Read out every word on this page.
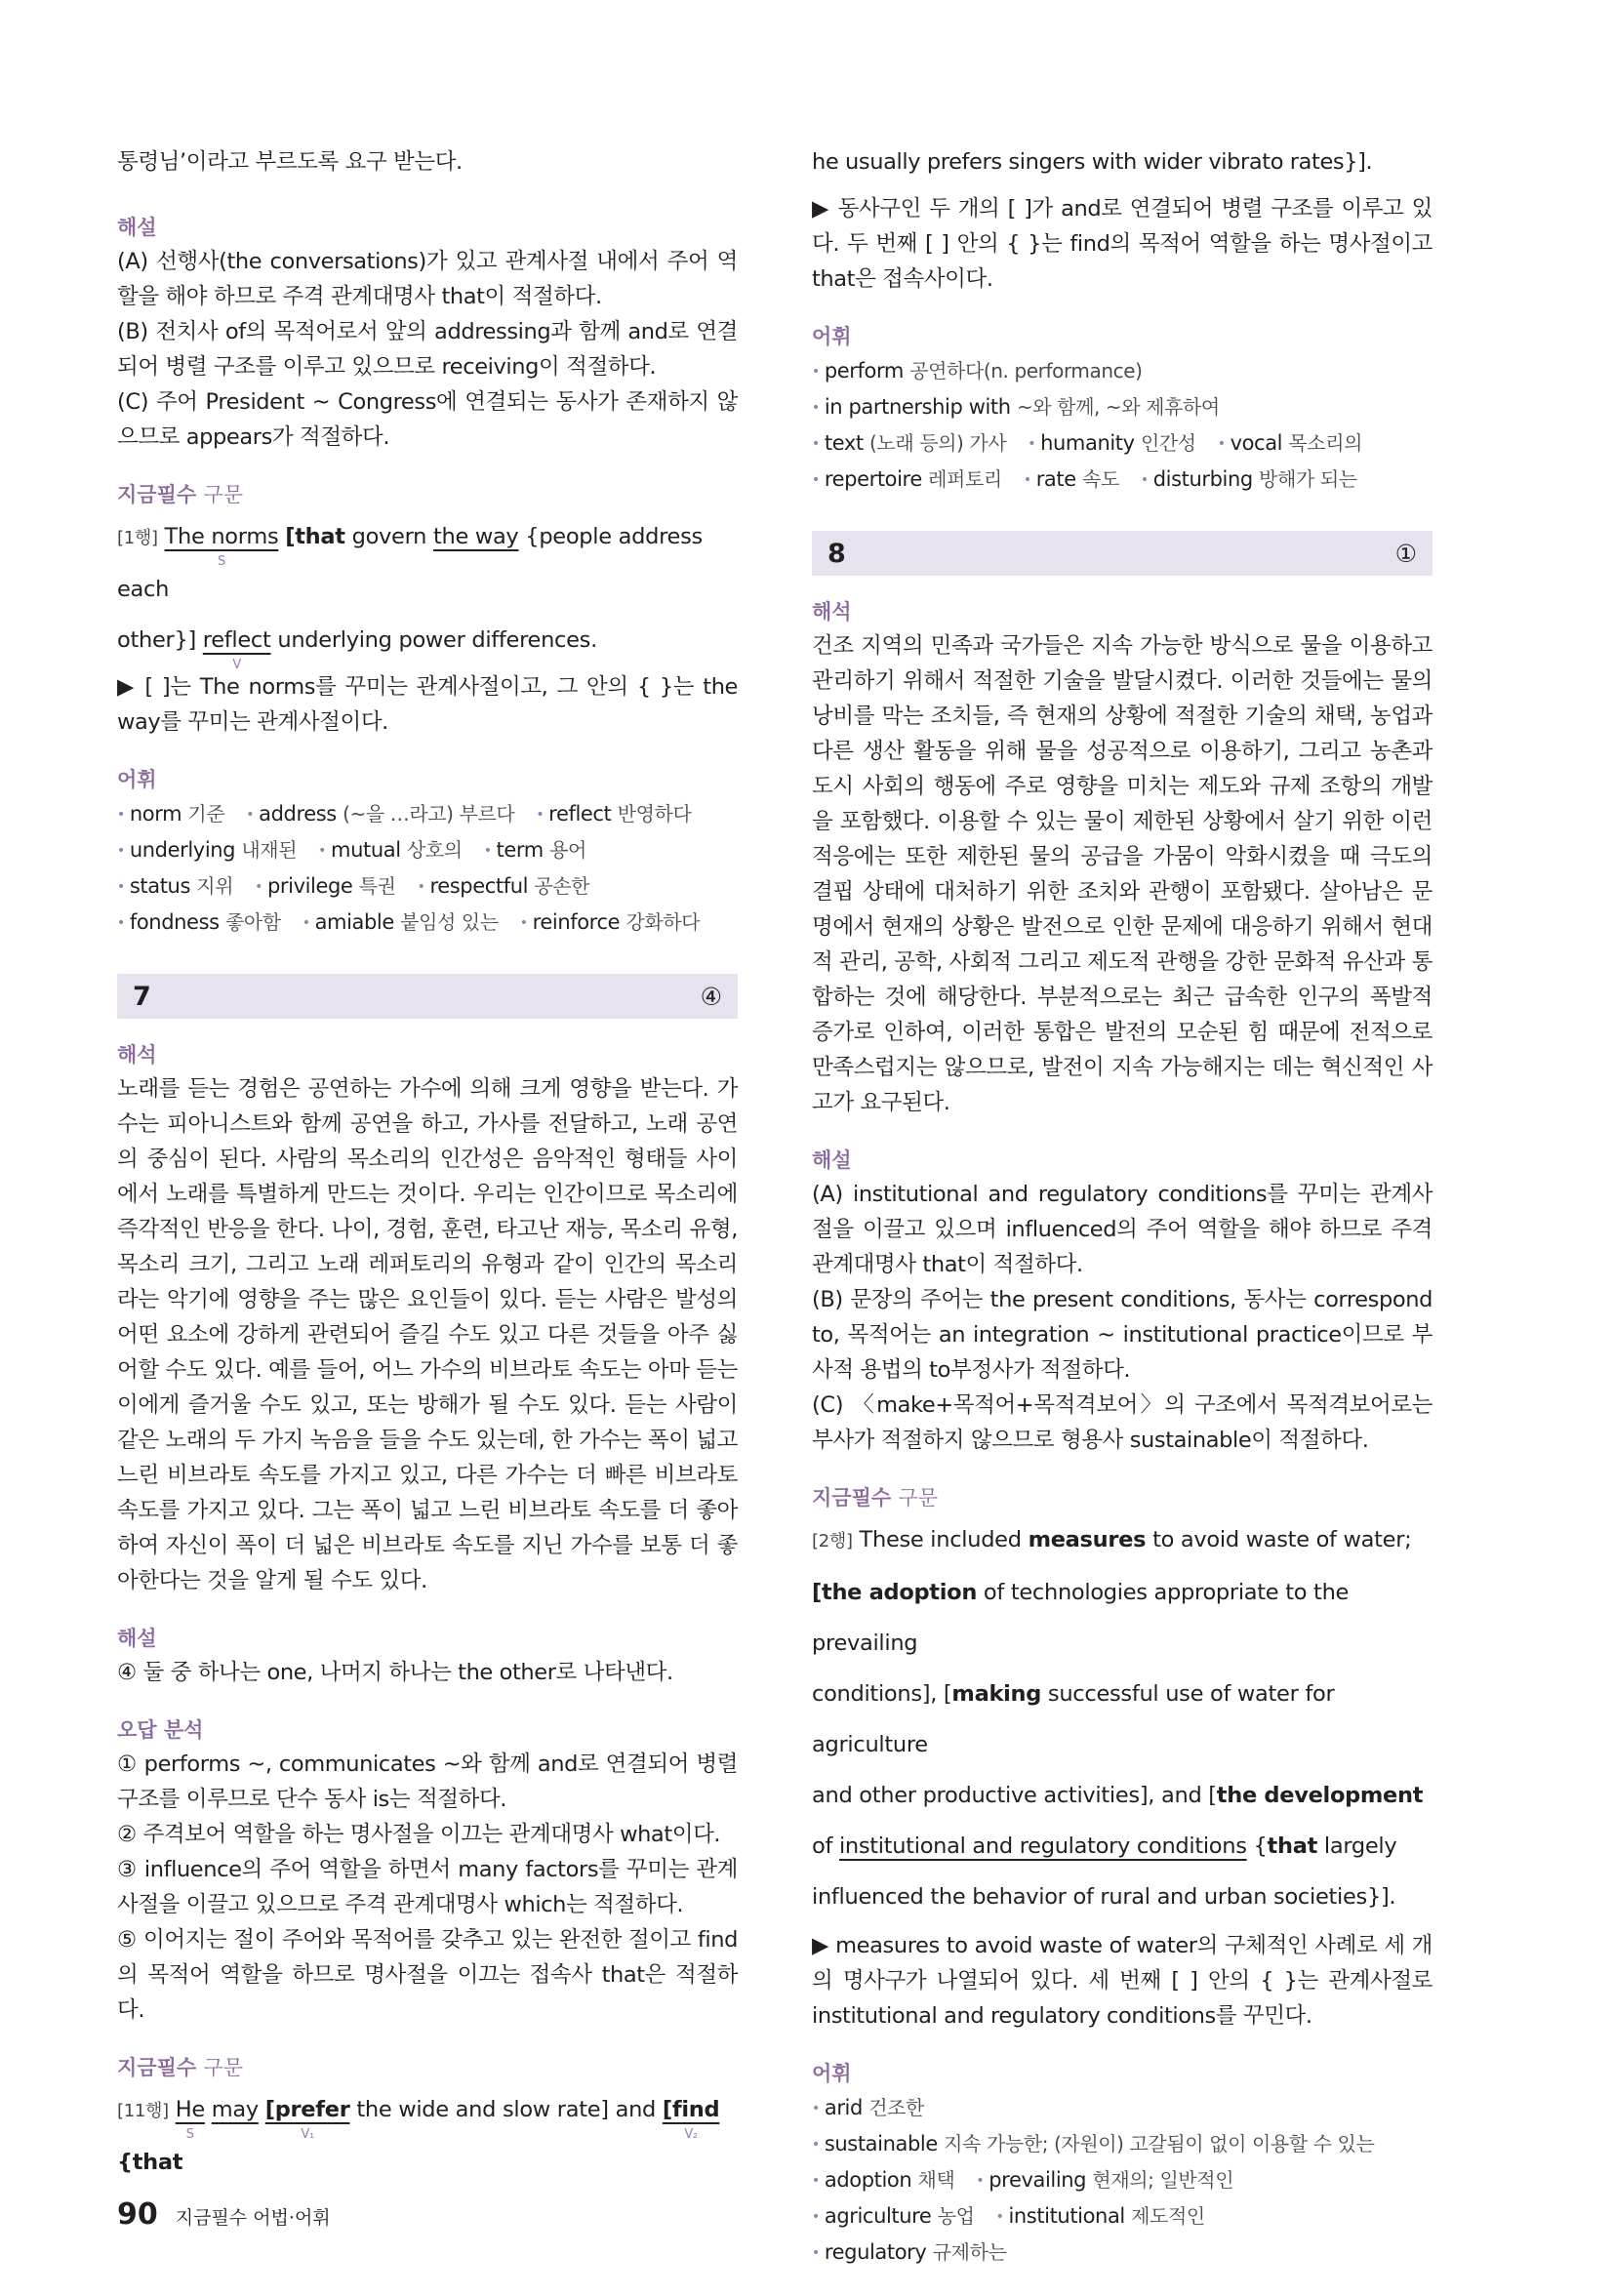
통령님’이라고 부르도록 요구 받는다.

해설

(A) 선행사(the conversations)가 있고 관계사절 내에서 주어 역할을 해야 하므로 주격 관계대명사 that이 적절하다.

(B) 전치사 of의 목적어로서 앞의 addressing과 함께 and로 연결되어 병렬 구조를 이루고 있으므로 receiving이 적절하다.

(C) 주어 President ~ Congress에 연결되는 동사가 존재하지 않으므로 appears가 적절하다.

지금필수 구문

[1행] The norms
S
[that govern the way {people address each

other}] reflect
V
underlying power differences.

▶ [ ]는 The norms를 꾸미는 관계사절이고, 그 안의 { }는 the way를 꾸미는 관계사절이다.

어휘
• norm 기준 • address (~을 …라고) 부르다 • reflect 반영하다
• underlying 내재된 • mutual 상호의 • term 용어
• status 지위 • privilege 특권 • respectful 공손한
• fondness 좋아함 • amiable 붙임성 있는 • reinforce 강화하다
7	④
해석

노래를 듣는 경험은 공연하는 가수에 의해 크게 영향을 받는다. 가수는 피아니스트와 함께 공연을 하고, 가사를 전달하고, 노래 공연의 중심이 된다. 사람의 목소리의 인간성은 음악적인 형태들 사이에서 노래를 특별하게 만드는 것이다. 우리는 인간이므로 목소리에 즉각적인 반응을 한다. 나이, 경험, 훈련, 타고난 재능, 목소리 유형, 목소리 크기, 그리고 노래 레퍼토리의 유형과 같이 인간의 목소리라는 악기에 영향을 주는 많은 요인들이 있다. 듣는 사람은 발성의 어떤 요소에 강하게 관련되어 즐길 수도 있고 다른 것들을 아주 싫어할 수도 있다. 예를 들어, 어느 가수의 비브라토 속도는 아마 듣는 이에게 즐거울 수도 있고, 또는 방해가 될 수도 있다. 듣는 사람이 같은 노래의 두 가지 녹음을 들을 수도 있는데, 한 가수는 폭이 넓고 느린 비브라토 속도를 가지고 있고, 다른 가수는 더 빠른 비브라토 속도를 가지고 있다. 그는 폭이 넓고 느린 비브라토 속도를 더 좋아하여 자신이 폭이 더 넓은 비브라토 속도를 지닌 가수를 보통 더 좋아한다는 것을 알게 될 수도 있다.

해설

④ 둘 중 하나는 one, 나머지 하나는 the other로 나타낸다.

오답 분석

① performs ~, communicates ~와 함께 and로 연결되어 병렬 구조를 이루므로 단수 동사 is는 적절하다.

② 주격보어 역할을 하는 명사절을 이끄는 관계대명사 what이다.

③ influence의 주어 역할을 하면서 many factors를 꾸미는 관계사절을 이끌고 있으므로 주격 관계대명사 which는 적절하다.

⑤ 이어지는 절이 주어와 목적어를 갖추고 있는 완전한 절이고 find의 목적어 역할을 하므로 명사절을 이끄는 접속사 that은 적절하다.

지금필수 구문

[11행] He
S
may [prefer
V₁
the wide and slow rate] and [find
V₂
{that

he usually prefers singers with wider vibrato rates}].

▶ 동사구인 두 개의 [ ]가 and로 연결되어 병렬 구조를 이루고 있다. 두 번째 [ ] 안의 { }는 find의 목적어 역할을 하는 명사절이고 that은 접속사이다.

어휘
• perform 공연하다(n. performance)
• in partnership with ~와 함께, ~와 제휴하여
• text (노래 등의) 가사 • humanity 인간성 • vocal 목소리의
• repertoire 레퍼토리 • rate 속도 • disturbing 방해가 되는
8	①
해석

건조 지역의 민족과 국가들은 지속 가능한 방식으로 물을 이용하고 관리하기 위해서 적절한 기술을 발달시켰다. 이러한 것들에는 물의 낭비를 막는 조치들, 즉 현재의 상황에 적절한 기술의 채택, 농업과 다른 생산 활동을 위해 물을 성공적으로 이용하기, 그리고 농촌과 도시 사회의 행동에 주로 영향을 미치는 제도와 규제 조항의 개발을 포함했다. 이용할 수 있는 물이 제한된 상황에서 살기 위한 이런 적응에는 또한 제한된 물의 공급을 가뭄이 악화시켰을 때 극도의 결핍 상태에 대처하기 위한 조치와 관행이 포함됐다. 살아남은 문명에서 현재의 상황은 발전으로 인한 문제에 대응하기 위해서 현대적 관리, 공학, 사회적 그리고 제도적 관행을 강한 문화적 유산과 통합하는 것에 해당한다. 부분적으로는 최근 급속한 인구의 폭발적 증가로 인하여, 이러한 통합은 발전의 모순된 힘 때문에 전적으로 만족스럽지는 않으므로, 발전이 지속 가능해지는 데는 혁신적인 사고가 요구된다.

해설

(A) institutional and regulatory conditions를 꾸미는 관계사절을 이끌고 있으며 influenced의 주어 역할을 해야 하므로 주격 관계대명사 that이 적절하다.

(B) 문장의 주어는 the present conditions, 동사는 correspond to, 목적어는 an integration ~ institutional practice이므로 부사적 용법의 to부정사가 적절하다.

(C) 〈make+목적어+목적격보어〉의 구조에서 목적격보어로는 부사가 적절하지 않으므로 형용사 sustainable이 적절하다.

지금필수 구문

[2행] These included measures to avoid waste of water;

[the adoption of technologies appropriate to the prevailing

conditions], [making successful use of water for agriculture

and other productive activities], and [the development

of institutional and regulatory conditions {that largely

influenced the behavior of rural and urban societies}].

▶ measures to avoid waste of water의 구체적인 사례로 세 개의 명사구가 나열되어 있다. 세 번째 [ ] 안의 { }는 관계사절로 institutional and regulatory conditions를 꾸민다.

어휘
• arid 건조한
• sustainable 지속 가능한; (자원이) 고갈됨이 없이 이용할 수 있는
• adoption 채택 • prevailing 현재의; 일반적인
• agriculture 농업 • institutional 제도적인
• regulatory 규제하는
90 지금필수 어법·어휘
